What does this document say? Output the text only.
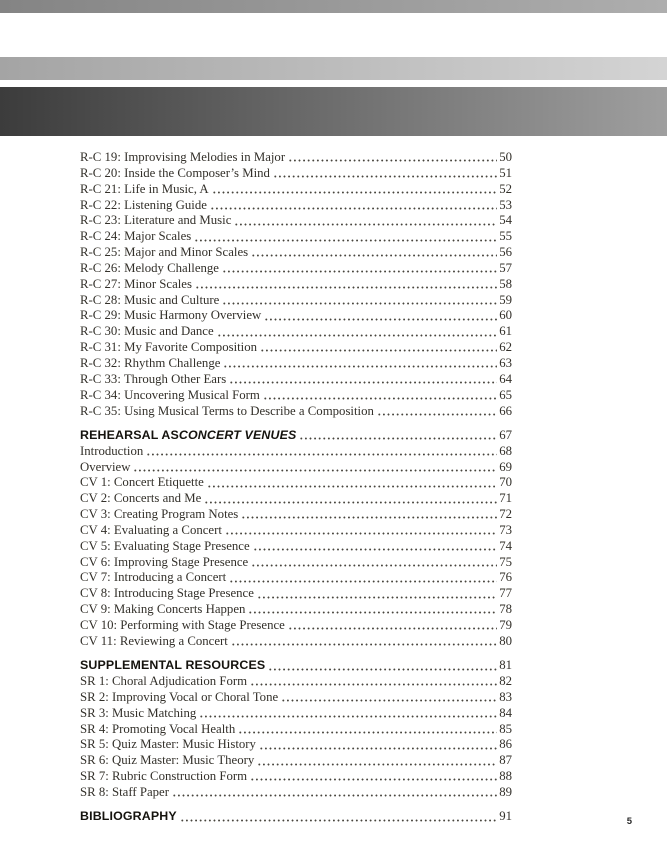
R-C 19: Improvising Melodies in Major	50
R-C 20: Inside the Composer’s Mind	51
R-C 21: Life in Music, A	52
R-C 22: Listening Guide	53
R-C 23: Literature and Music	54
R-C 24: Major Scales	55
R-C 25: Major and Minor Scales	56
R-C 26: Melody Challenge	57
R-C 27: Minor Scales	58
R-C 28: Music and Culture	59
R-C 29: Music Harmony Overview	60
R-C 30: Music and Dance	61
R-C 31: My Favorite Composition	62
R-C 32: Rhythm Challenge	63
R-C 33: Through Other Ears	64
R-C 34: Uncovering Musical Form	65
R-C 35: Using Musical Terms to Describe a Composition	66
REHEARSAL AS CONCERT VENUES	67
Introduction	68
Overview	69
CV 1: Concert Etiquette	70
CV 2: Concerts and Me	71
CV 3: Creating Program Notes	72
CV 4: Evaluating a Concert	73
CV 5: Evaluating Stage Presence	74
CV 6: Improving Stage Presence	75
CV 7: Introducing a Concert	76
CV 8: Introducing Stage Presence	77
CV 9: Making Concerts Happen	78
CV 10: Performing with Stage Presence	79
CV 11: Reviewing a Concert	80
SUPPLEMENTAL RESOURCES	81
SR 1: Choral Adjudication Form	82
SR 2: Improving Vocal or Choral Tone	83
SR 3: Music Matching	84
SR 4: Promoting Vocal Health	85
SR 5: Quiz Master: Music History	86
SR 6: Quiz Master: Music Theory	87
SR 7: Rubric Construction Form	88
SR 8: Staff Paper	89
BIBLIOGRAPHY	91	5
